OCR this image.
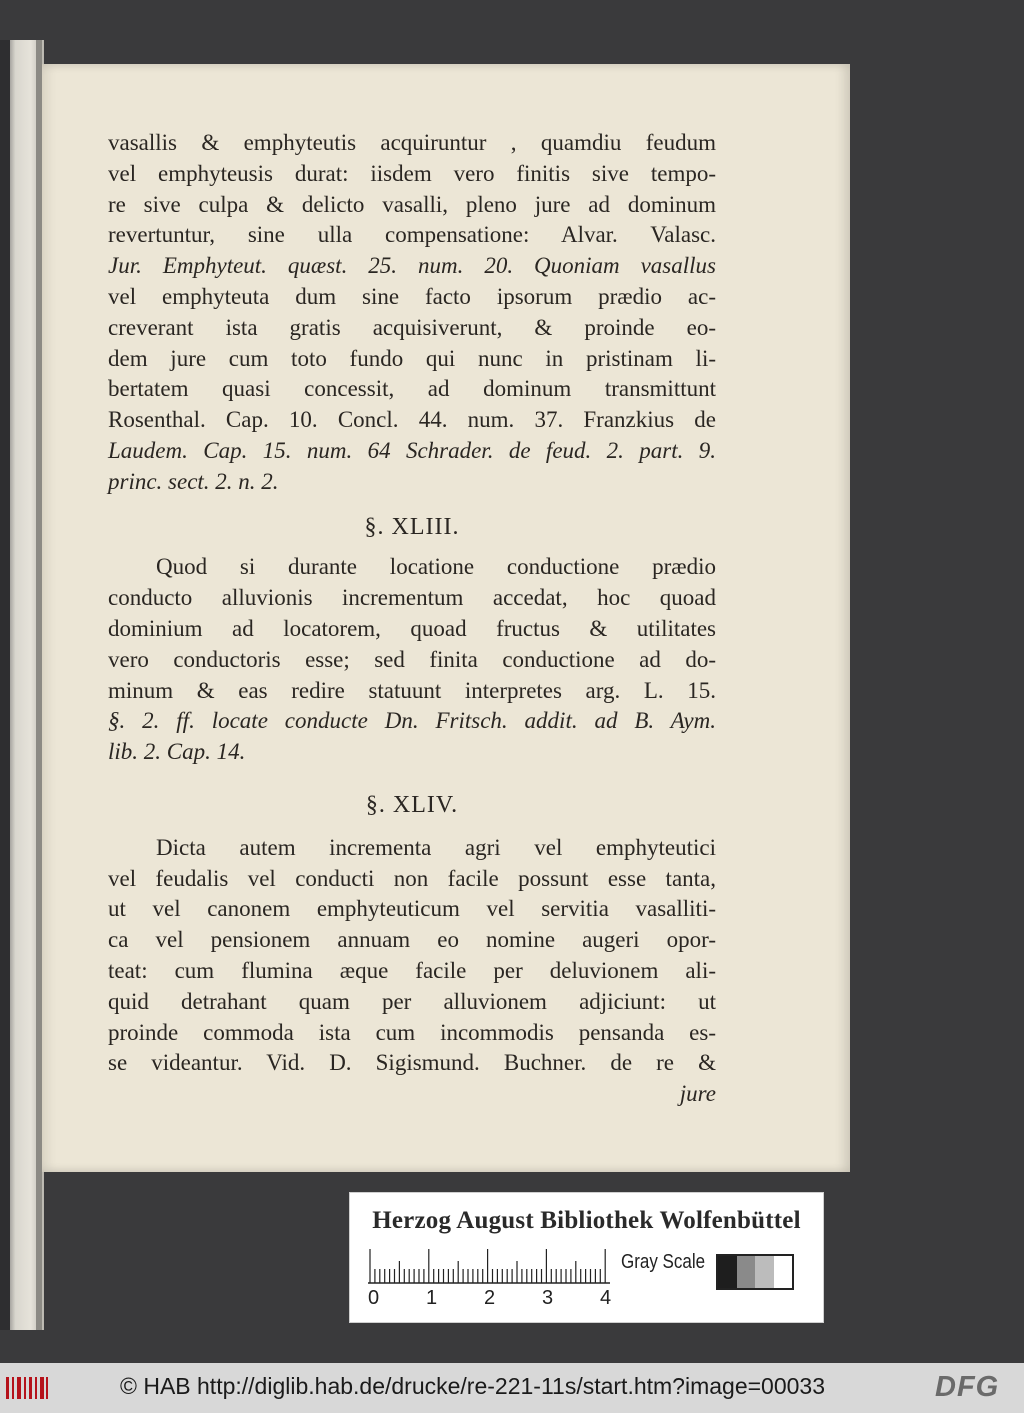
vasallis & emphyteutis acquiruntur , quamdiu feudum
vel emphyteusis durat: iisdem vero finitis sive tempo-
re sive culpa & delicto vasalli, pleno jure ad dominum
revertuntur, sine ulla compensatione: Alvar. Valasc.
Jur. Emphyteut. quæst. 25. num. 20. Quoniam vasallus
vel emphyteuta dum sine facto ipsorum prædio ac-
creverant ista gratis acquisiverunt, & proinde eo-
dem jure cum toto fundo qui nunc in pristinam li-
bertatem quasi concessit, ad dominum transmittunt
Rosenthal. Cap. 10. Concl. 44. num. 37. Franzkius de
Laudem. Cap. 15. num. 64 Schrader. de feud. 2. part. 9.
princ. sect. 2. n. 2.
§. XLIII.
Quod si durante locatione conductione prædio
conducto alluvionis incrementum accedat, hoc quoad
dominium ad locatorem, quoad fructus & utilitates
vero conductoris esse; sed finita conductione ad do-
minum & eas redire statuunt interpretes arg. L. 15.
§. 2. ff. locate conducte Dn. Fritsch. addit. ad B. Aym.
lib. 2. Cap. 14.
§. XLIV.
Dicta autem incrementa agri vel emphyteutici
vel feudalis vel conducti non facile possunt esse tanta,
ut vel canonem emphyteuticum vel servitia vasalliti-
ca vel pensionem annuam eo nomine augeri opor-
teat: cum flumina æque facile per deluvionem ali-
quid detrahant quam per alluvionem adjiciunt: ut
proinde commoda ista cum incommodis pensanda es-
se videantur. Vid. D. Sigismund. Buchner. de re &
jure
Herzog August Bibliothek Wolfenbüttel
0 1 2 3 4
Gray Scale
© HAB http://diglib.hab.de/drucke/re-221-11s/start.htm?image=00033	DFG
